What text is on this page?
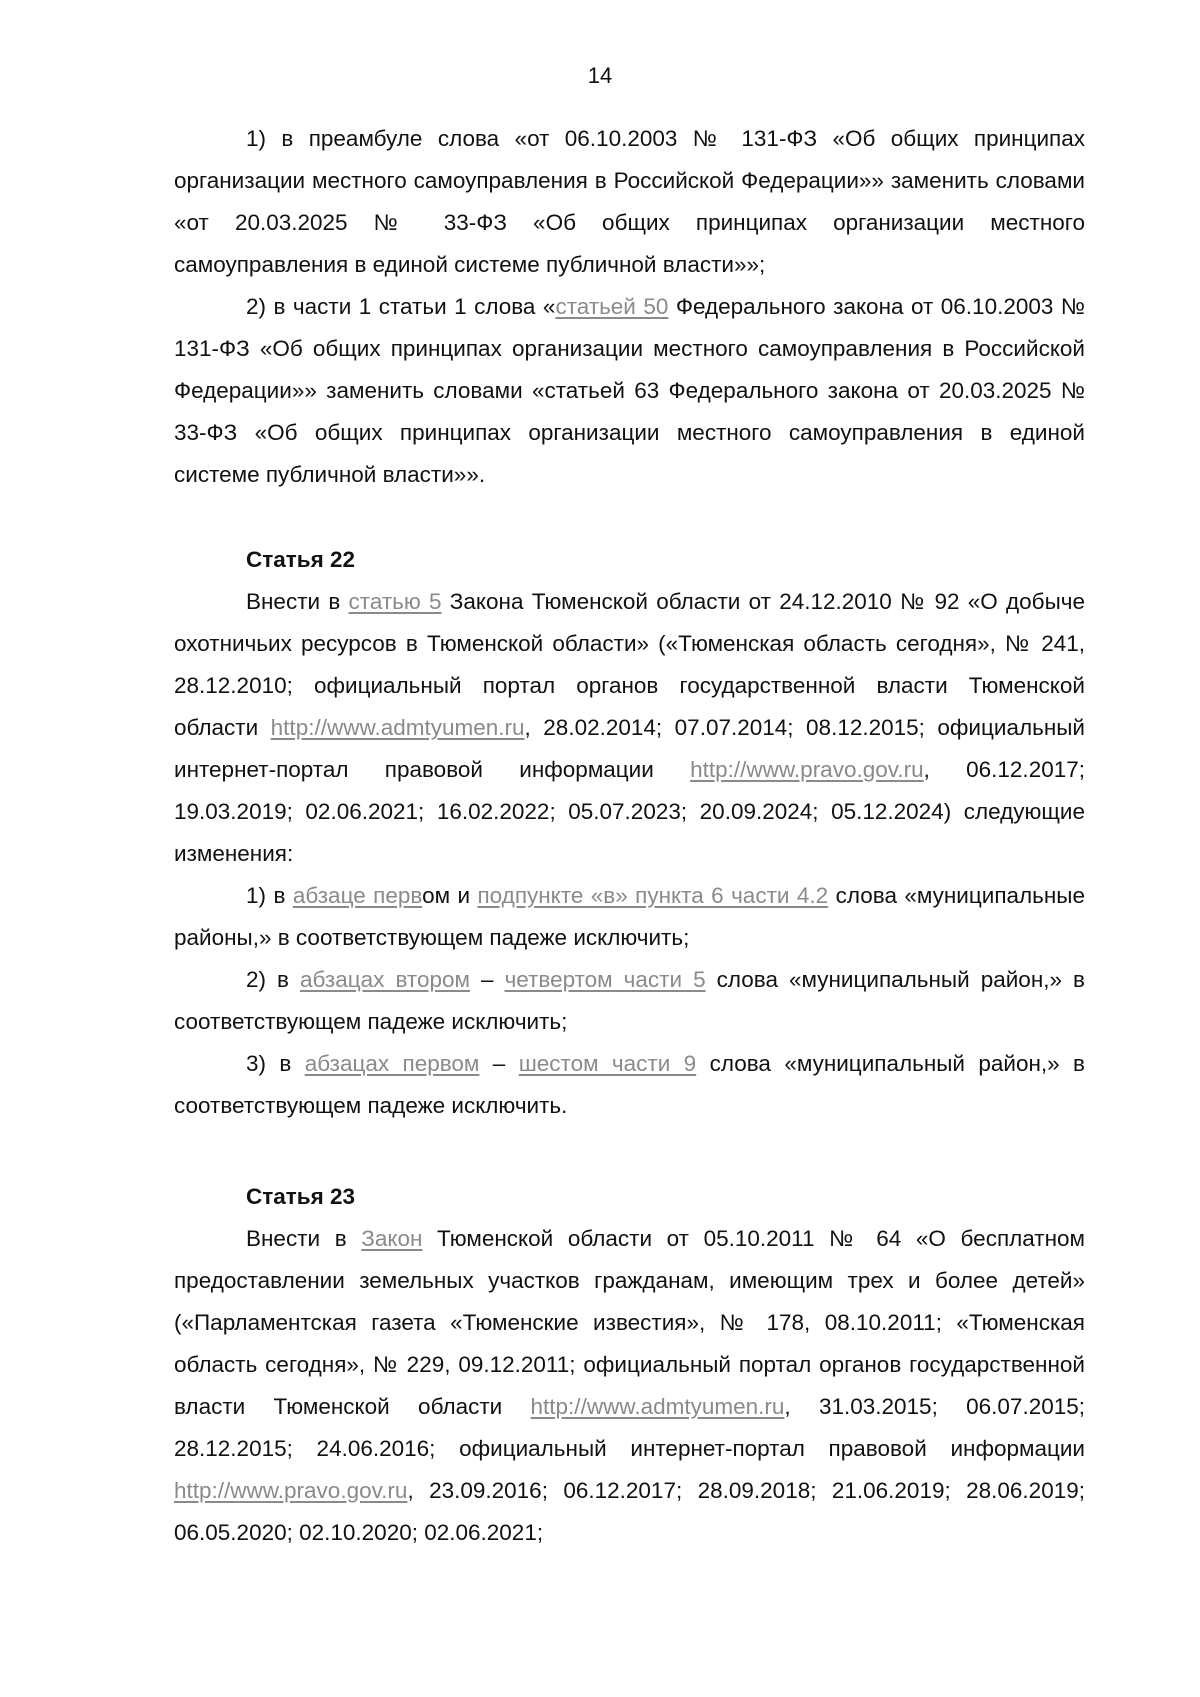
14

1) в преамбуле слова «от 06.10.2003 № 131-ФЗ «Об общих принципах организации местного самоуправления в Российской Федерации»» заменить словами «от 20.03.2025 № 33-ФЗ «Об общих принципах организации местного самоуправления в единой системе публичной власти»»;

2) в части 1 статьи 1 слова «статьей 50 Федерального закона от 06.10.2003 № 131-ФЗ «Об общих принципах организации местного самоуправления в Российской Федерации»» заменить словами «статьей 63 Федерального закона от 20.03.2025 № 33-ФЗ «Об общих принципах организации местного самоуправления в единой системе публичной власти»».

Статья 22

Внести в статью 5 Закона Тюменской области от 24.12.2010 № 92 «О добыче охотничьих ресурсов в Тюменской области» («Тюменская область сегодня», № 241, 28.12.2010; официальный портал органов государственной власти Тюменской области http://www.admtyumen.ru, 28.02.2014; 07.07.2014; 08.12.2015; официальный интернет-портал правовой информации http://www.pravo.gov.ru, 06.12.2017; 19.03.2019; 02.06.2021; 16.02.2022; 05.07.2023; 20.09.2024; 05.12.2024) следующие изменения:

1) в абзаце первом и подпункте «в» пункта 6 части 4.2 слова «муниципальные районы,» в соответствующем падеже исключить;

2) в абзацах втором – четвертом части 5 слова «муниципальный район,» в соответствующем падеже исключить;

3) в абзацах первом – шестом части 9 слова «муниципальный район,» в соответствующем падеже исключить.

Статья 23

Внести в Закон Тюменской области от 05.10.2011 № 64 «О бесплатном предоставлении земельных участков гражданам, имеющим трех и более детей» («Парламентская газета «Тюменские известия», № 178, 08.10.2011; «Тюменская область сегодня», № 229, 09.12.2011; официальный портал органов государственной власти Тюменской области http://www.admtyumen.ru, 31.03.2015; 06.07.2015; 28.12.2015; 24.06.2016; официальный интернет-портал правовой информации http://www.pravo.gov.ru, 23.09.2016; 06.12.2017; 28.09.2018; 21.06.2019; 28.06.2019; 06.05.2020; 02.10.2020; 02.06.2021;
